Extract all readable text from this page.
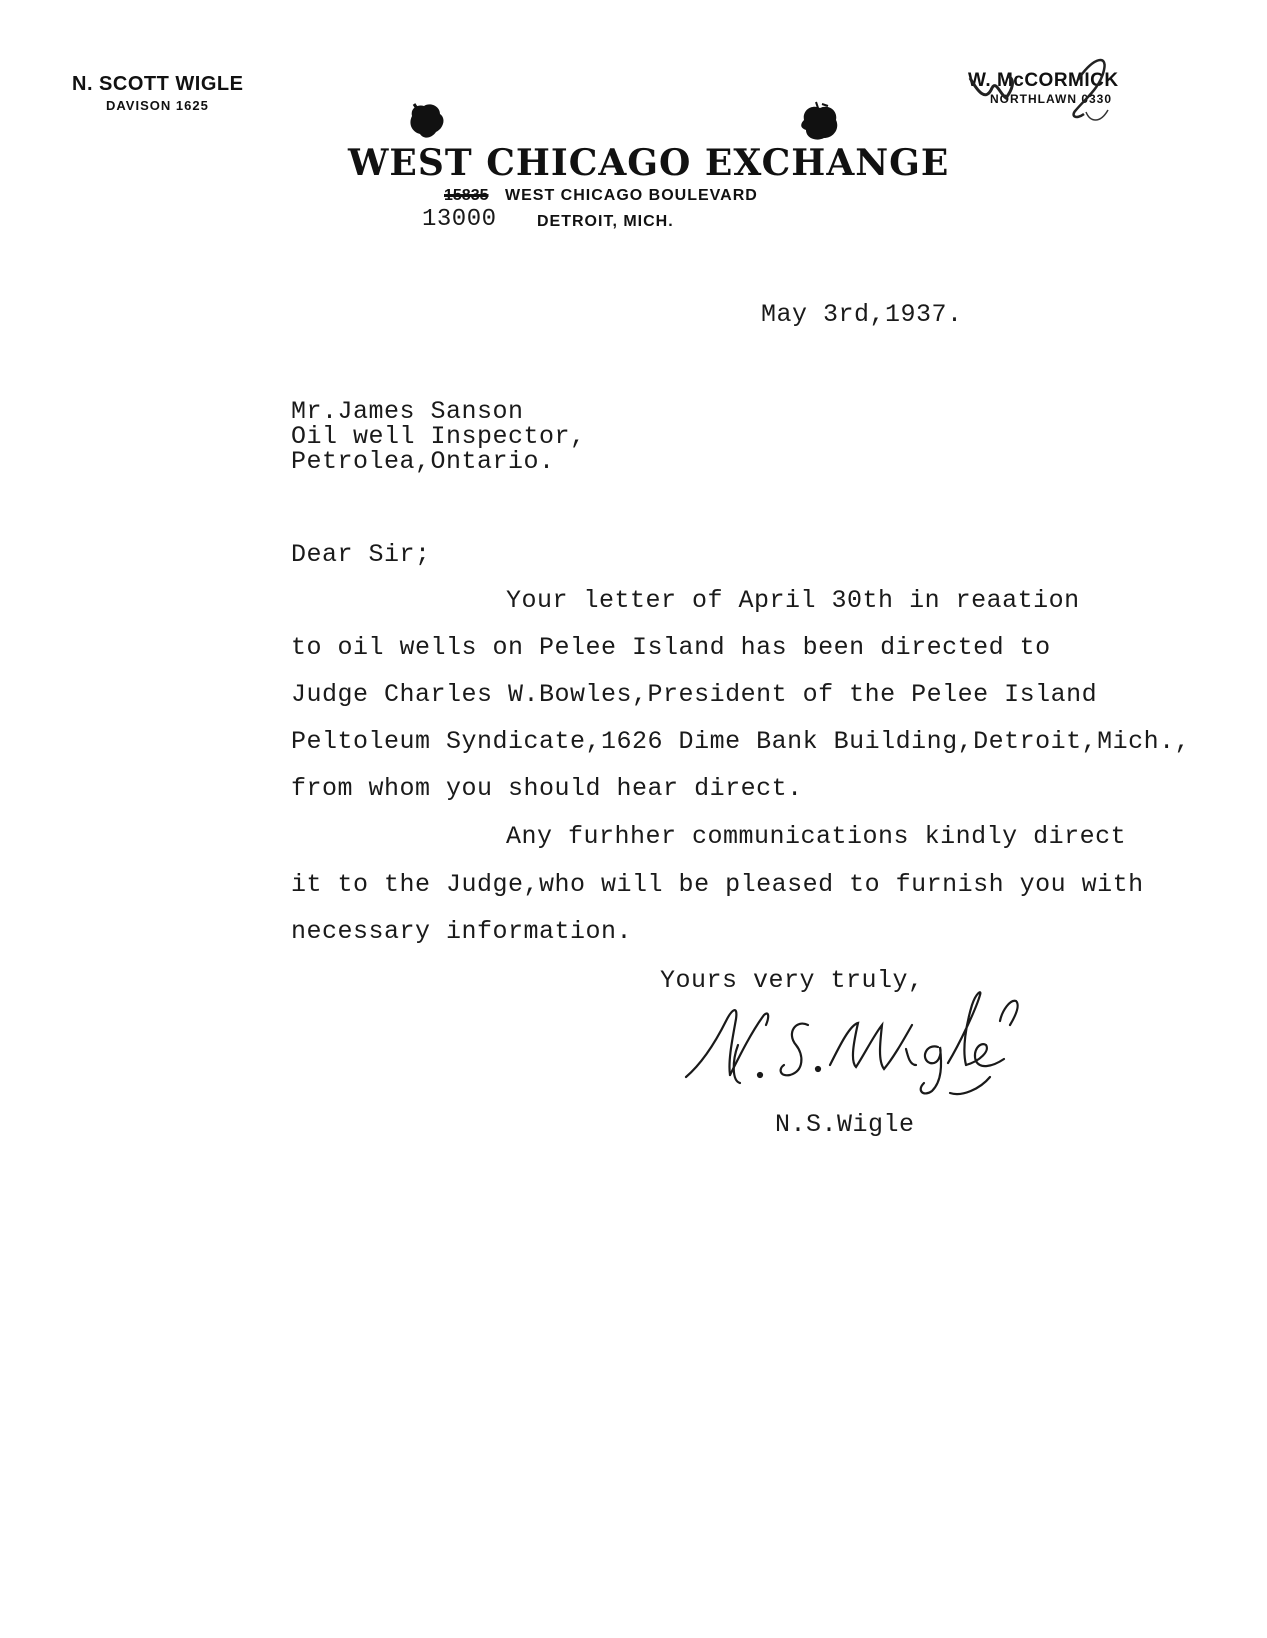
N. SCOTT WIGLE
DAVISON 1625
W. McCORMICK
NORTHLAWN 0330
WEST CHICAGO EXCHANGE
15835 WEST CHICAGO BOULEVARD
13000	DETROIT, MICH.
May 3rd,1937.
Mr.James Sanson
Oil well Inspector,
Petrolea,Ontario.
Dear Sir;
Your letter of April 30th in reaation
to oil wells on Pelee Island has been directed to
Judge Charles W.Bowles,President of the Pelee Island
Peltoleum Syndicate,1626 Dime Bank Building,Detroit,Mich.,
from whom you should hear direct.
Any furhher communications kindly direct
it to the Judge,who will be pleased to furnish you with
necessary information.
Yours very truly,
N.S.Wigle
